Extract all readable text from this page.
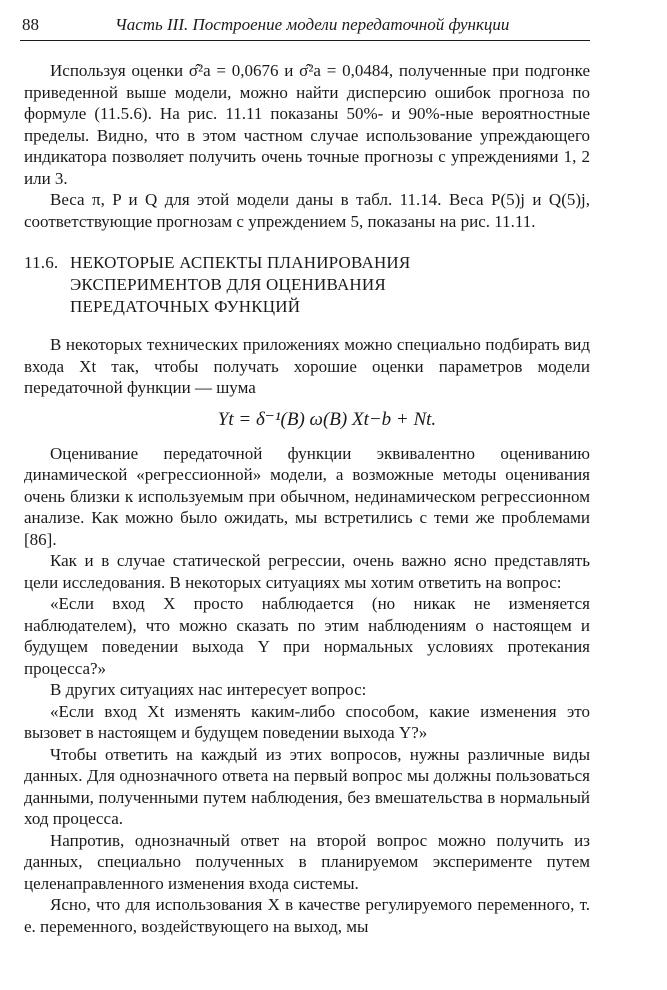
88	Часть III. Построение модели передаточной функции

Используя оценки σ̂²a = 0,0676 и σ̂²a = 0,0484, полученные при подгонке приведенной выше модели, можно найти дисперсию ошибок прогноза по формуле (11.5.6). На рис. 11.11 показаны 50%- и 90%-ные вероятностные пределы. Видно, что в этом частном случае использование упреждающего индикатора позволяет получить очень точные прогнозы с упреждениями 1, 2 или 3.

Веса π, P и Q для этой модели даны в табл. 11.14. Веса P(5)j и Q(5)j, соответствующие прогнозам с упреждением 5, показаны на рис. 11.11.

11.6. НЕКОТОРЫЕ АСПЕКТЫ ПЛАНИРОВАНИЯ
ЭКСПЕРИМЕНТОВ ДЛЯ ОЦЕНИВАНИЯ
ПЕРЕДАТОЧНЫХ ФУНКЦИЙ

В некоторых технических приложениях можно специально подбирать вид входа Xt так, чтобы получать хорошие оценки параметров модели передаточной функции — шума

Yt = δ⁻¹(B) ω(B) Xt−b + Nt.

Оценивание передаточной функции эквивалентно оцениванию динамической «регрессионной» модели, а возможные методы оценивания очень близки к используемым при обычном, нединамическом регрессионном анализе. Как можно было ожидать, мы встретились с теми же проблемами [86].

Как и в случае статической регрессии, очень важно ясно представлять цели исследования. В некоторых ситуациях мы хотим ответить на вопрос:

«Если вход X просто наблюдается (но никак не изменяется наблюдателем), что можно сказать по этим наблюдениям о настоящем и будущем поведении выхода Y при нормальных условиях протекания процесса?»

В других ситуациях нас интересует вопрос:

«Если вход Xt изменять каким-либо способом, какие изменения это вызовет в настоящем и будущем поведении выхода Y?»

Чтобы ответить на каждый из этих вопросов, нужны различные виды данных. Для однозначного ответа на первый вопрос мы должны пользоваться данными, полученными путем наблюдения, без вмешательства в нормальный ход процесса.

Напротив, однозначный ответ на второй вопрос можно получить из данных, специально полученных в планируемом эксперименте путем целенаправленного изменения входа системы.

Ясно, что для использования X в качестве регулируемого переменного, т. е. переменного, воздействующего на выход, мы
